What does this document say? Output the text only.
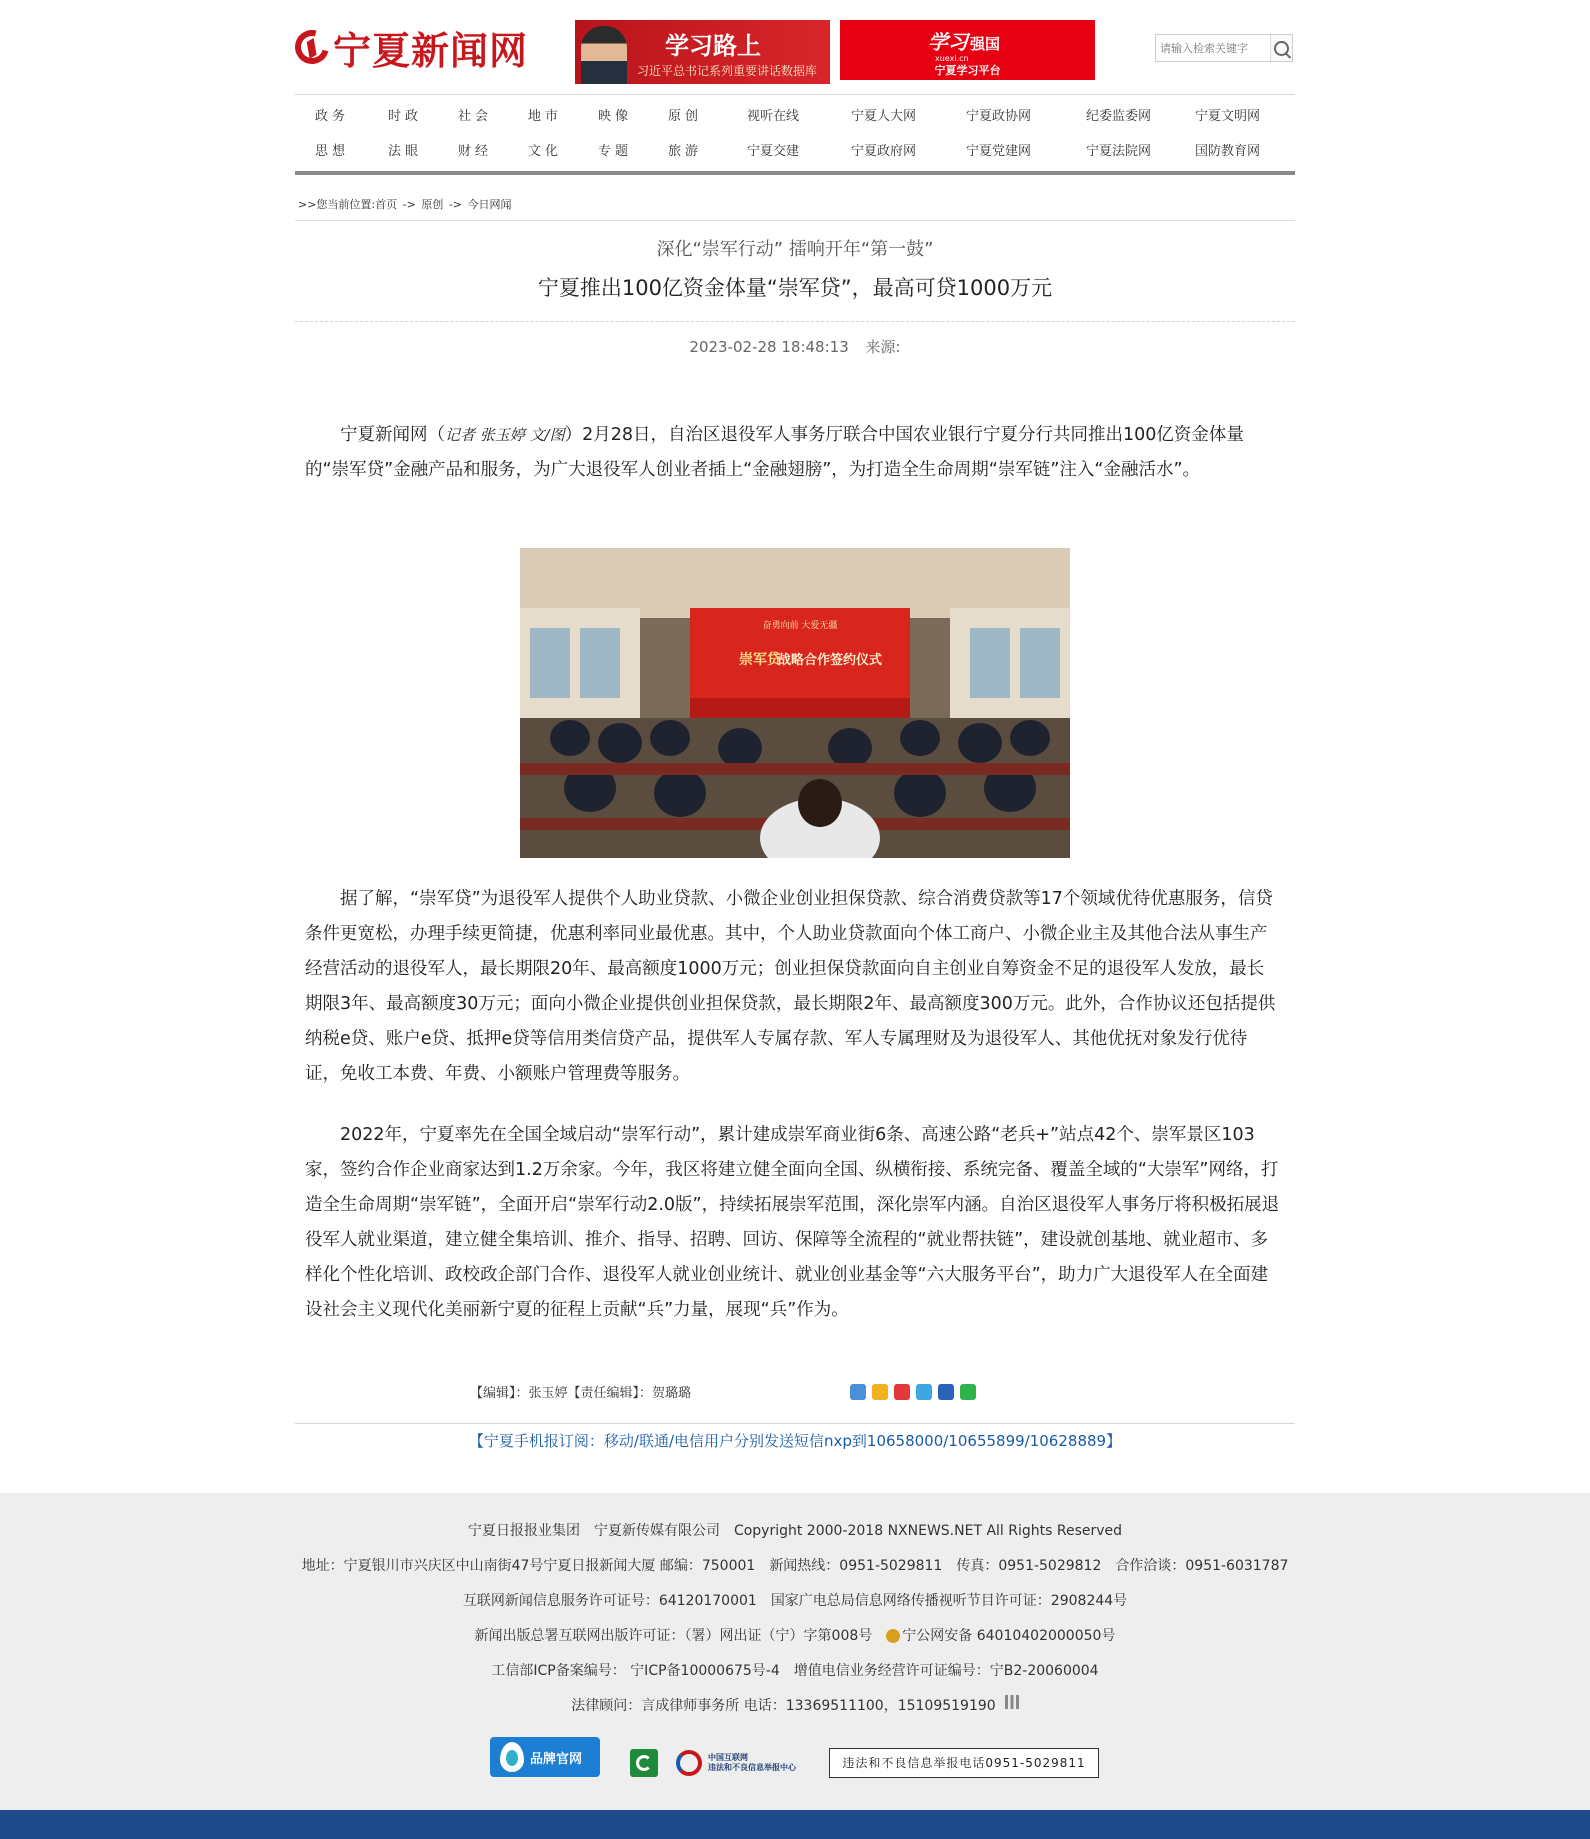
宁夏新闻网	学习路上
习近平总书记系列重要讲话数据库
学习 强国
xuexi.cn
宁夏学习平台
请输入检索关键字
政务	时政	社会	地市	映像	原创	视听在线	宁夏人大网	宁夏政协网	纪委监委网	宁夏文明网
思想	法眼	财经	文化	专题	旅游	宁夏交建	宁夏政府网	宁夏党建网	宁夏法院网	国防教育网
>>您当前位置:首页 -> 原创 -> 今日网闻
深化“崇军行动” 擂响开年“第一鼓”
宁夏推出100亿资金体量“崇军贷”，最高可贷1000万元
2023-02-28 18:48:13 来源:

宁夏新闻网（记者 张玉婷 文/图）2月28日，自治区退役军人事务厅联合中国农业银行宁夏分行共同推出100亿资金体量的“崇军贷”金融产品和服务，为广大退役军人创业者插上“金融翅膀”，为打造全生命周期“崇军链”注入“金融活水”。

奋勇向前 大爱无疆
崇军贷
战略合作签约仪式

据了解，“崇军贷”为退役军人提供个人助业贷款、小微企业创业担保贷款、综合消费贷款等17个领域优待优惠服务，信贷条件更宽松，办理手续更简捷，优惠利率同业最优惠。其中，个人助业贷款面向个体工商户、小微企业主及其他合法从事生产经营活动的退役军人，最长期限20年、最高额度1000万元；创业担保贷款面向自主创业自筹资金不足的退役军人发放，最长期限3年、最高额度30万元；面向小微企业提供创业担保贷款，最长期限2年、最高额度300万元。此外，合作协议还包括提供纳税e贷、账户e贷、抵押e贷等信用类信贷产品，提供军人专属存款、军人专属理财及为退役军人、其他优抚对象发行优待证，免收工本费、年费、小额账户管理费等服务。

2022年，宁夏率先在全国全域启动“崇军行动”，累计建成崇军商业街6条、高速公路“老兵+”站点42个、崇军景区103家，签约合作企业商家达到1.2万余家。今年，我区将建立健全面向全国、纵横衔接、系统完备、覆盖全域的“大崇军”网络，打造全生命周期“崇军链”，全面开启“崇军行动2.0版”，持续拓展崇军范围，深化崇军内涵。自治区退役军人事务厅将积极拓展退役军人就业渠道，建立健全集培训、推介、指导、招聘、回访、保障等全流程的“就业帮扶链”，建设就创基地、就业超市、多样化个性化培训、政校政企部门合作、退役军人就业创业统计、就业创业基金等“六大服务平台”，助力广大退役军人在全面建设社会主义现代化美丽新宁夏的征程上贡献“兵”力量，展现“兵”作为。

【编辑】：张玉婷【责任编辑】：贺璐璐
【宁夏手机报订阅：移动/联通/电信用户分别发送短信nxp到10658000/10655899/10628889】
宁夏日报报业集团 宁夏新传媒有限公司 Copyright 2000-2018 NXNEWS.NET All Rights Reserved
地址：宁夏银川市兴庆区中山南街47号宁夏日报新闻大厦 邮编：750001 新闻热线：0951-5029811 传真：0951-5029812 合作洽谈：0951-6031787
互联网新闻信息服务许可证号：64120170001 国家广电总局信息网络传播视听节目许可证：2908244号
新闻出版总署互联网出版许可证：（署）网出证（宁）字第008号 宁公网安备 64010402000050号
工信部ICP备案编号： 宁ICP备10000675号-4 增值电信业务经营许可证编号：宁B2-20060004
法律顾问：言成律师事务所 电话：13369511100，15109519190
品牌官网	中国互联网
违法和不良信息举报中心	违法和不良信息举报电话0951-5029811
